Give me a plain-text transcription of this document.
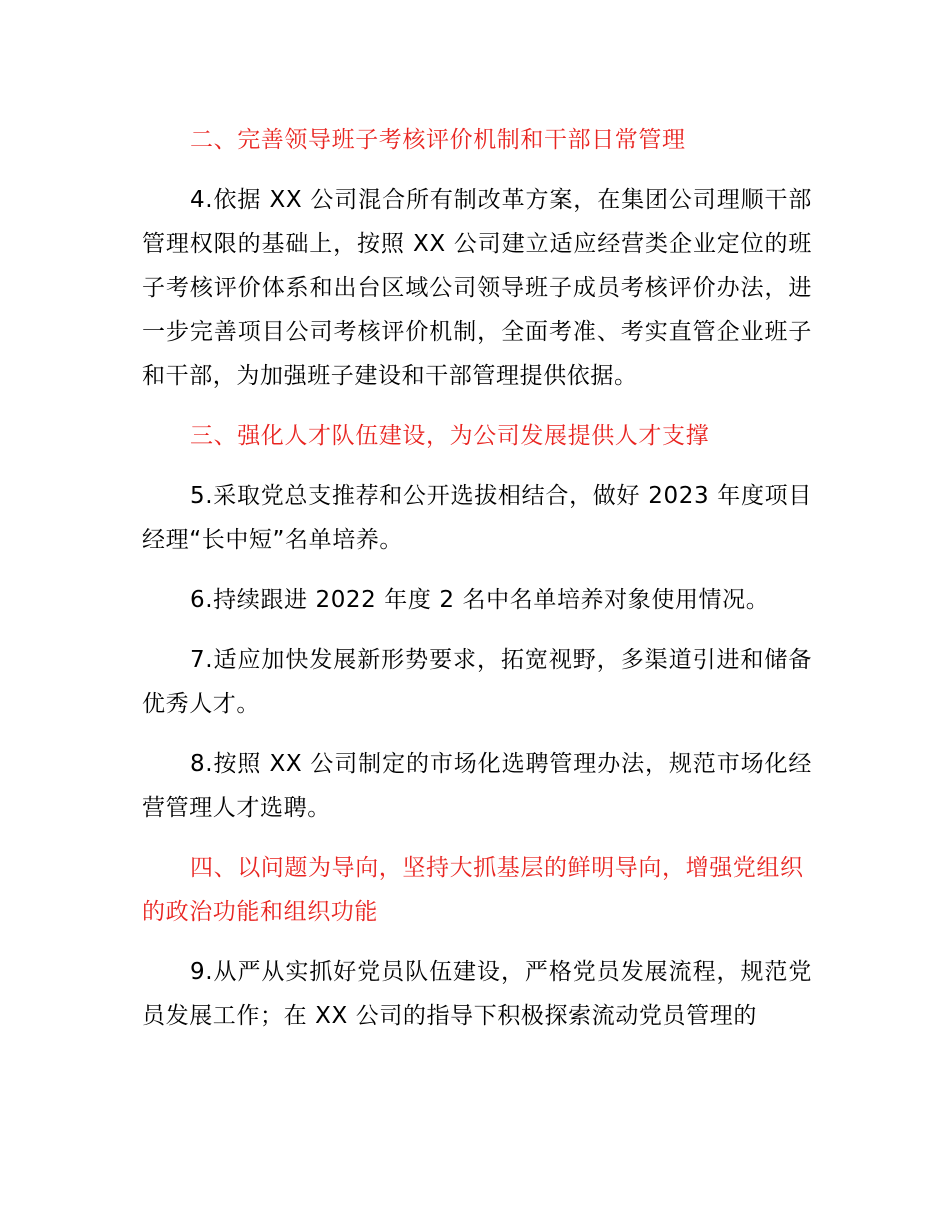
二、完善领导班子考核评价机制和干部日常管理

4.依据 XX 公司混合所有制改革方案，在集团公司理顺干部管理权限的基础上，按照 XX 公司建立适应经营类企业定位的班子考核评价体系和出台区域公司领导班子成员考核评价办法，进一步完善项目公司考核评价机制，全面考准、考实直管企业班子和干部，为加强班子建设和干部管理提供依据。

三、强化人才队伍建设，为公司发展提供人才支撑

5.采取党总支推荐和公开选拔相结合，做好 2023 年度项目经理“长中短”名单培养。

6.持续跟进 2022 年度 2 名中名单培养对象使用情况。

7.适应加快发展新形势要求，拓宽视野，多渠道引进和储备优秀人才。

8.按照 XX 公司制定的市场化选聘管理办法，规范市场化经营管理人才选聘。

四、以问题为导向，坚持大抓基层的鲜明导向，增强党组织的政治功能和组织功能

9.从严从实抓好党员队伍建设，严格党员发展流程，规范党员发展工作；在 XX 公司的指导下积极探索流动党员管理的
